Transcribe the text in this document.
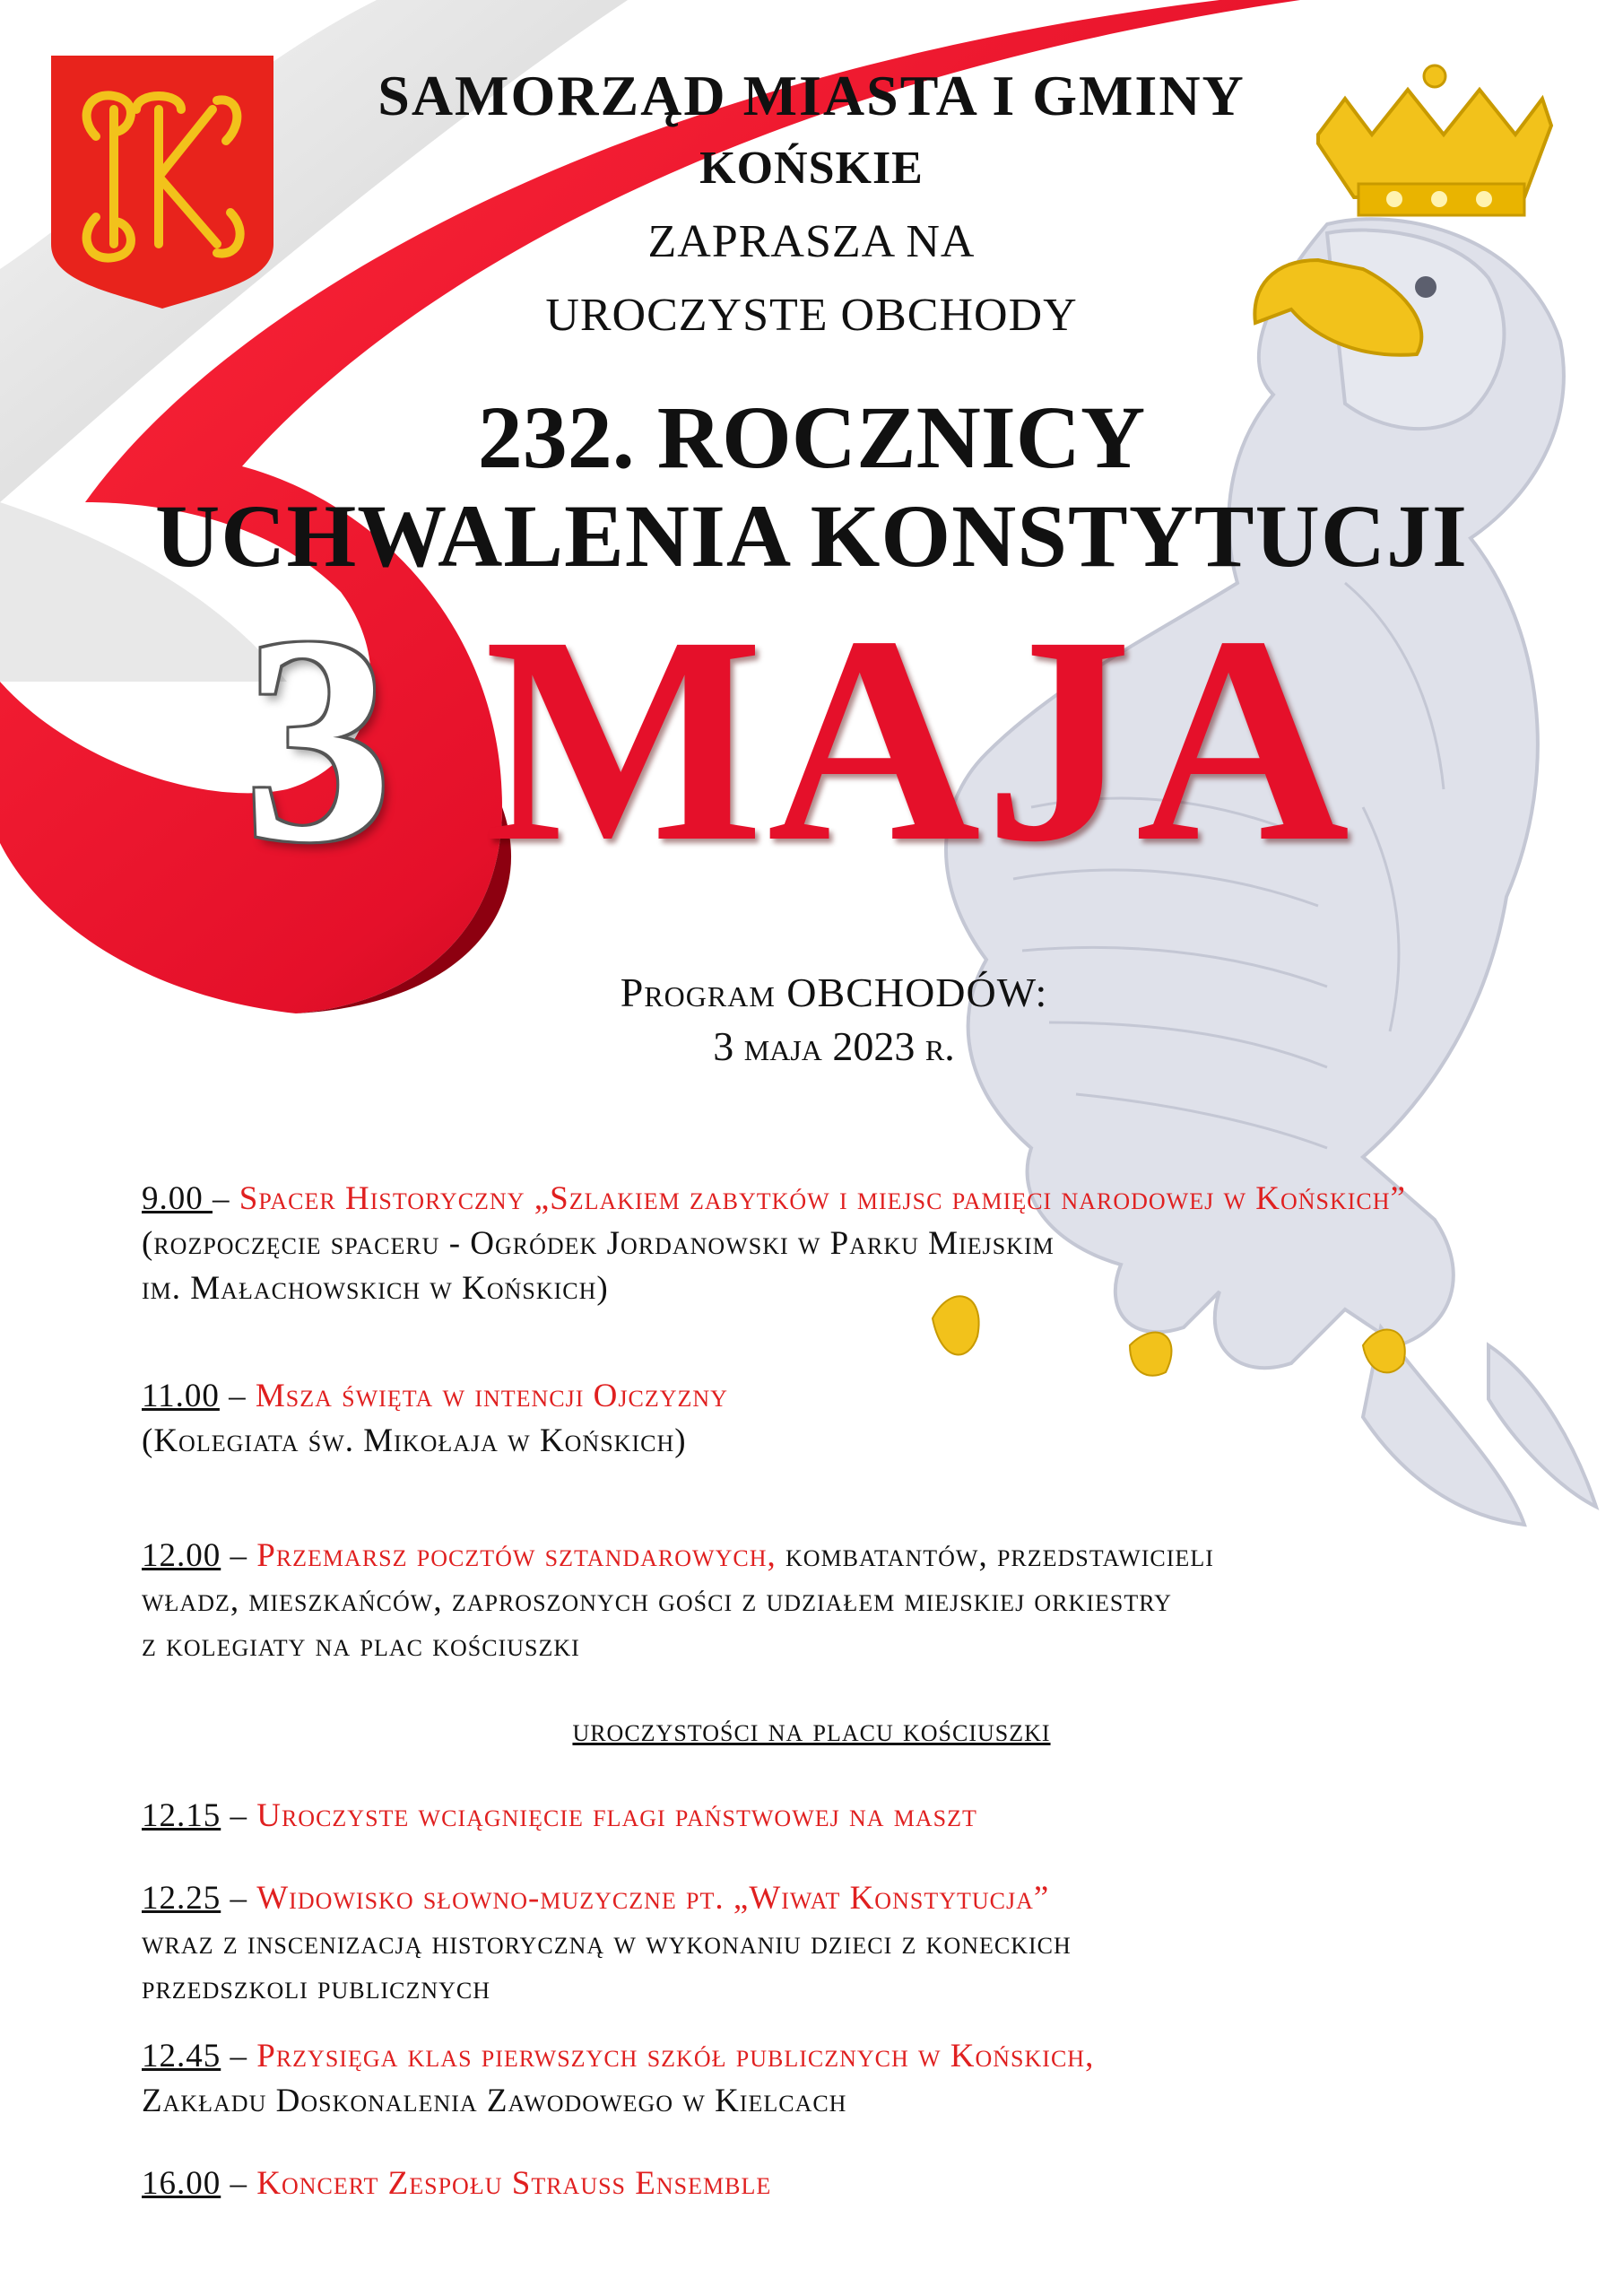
SAMORZĄD MIASTA I GMINY
KOŃSKIE
ZAPRASZA NA
UROCZYSTE OBCHODY
232. ROCZNICY
UCHWALENIA KONSTYTUCJI
3 MAJA
Program OBCHODÓW:
3 maja 2023 r.
9.00 – Spacer Historyczny „Szlakiem zabytków i miejsc pamięci narodowej w Końskich”
(rozpoczęcie spaceru - Ogródek Jordanowski w Parku Miejskim
im. Małachowskich w Końskich)
11.00 – Msza święta w intencji Ojczyzny
(Kolegiata św. Mikołaja w Końskich)
12.00 – Przemarsz pocztów sztandarowych, kombatantów, przedstawicieli
władz, mieszkańców, zaproszonych gości z udziałem miejskiej orkiestry
z kolegiaty na plac kościuszki
uroczystości na placu kościuszki
12.15 – Uroczyste wciągnięcie flagi państwowej na maszt
12.25 – Widowisko słowno-muzyczne pt. „Wiwat Konstytucja”
wraz z inscenizacją historyczną w wykonaniu dzieci z koneckich
przedszkoli publicznych
12.45 – Przysięga klas pierwszych szkół publicznych w Końskich,
Zakładu Doskonalenia Zawodowego w Kielcach
16.00 – Koncert Zespołu Strauss Ensemble
